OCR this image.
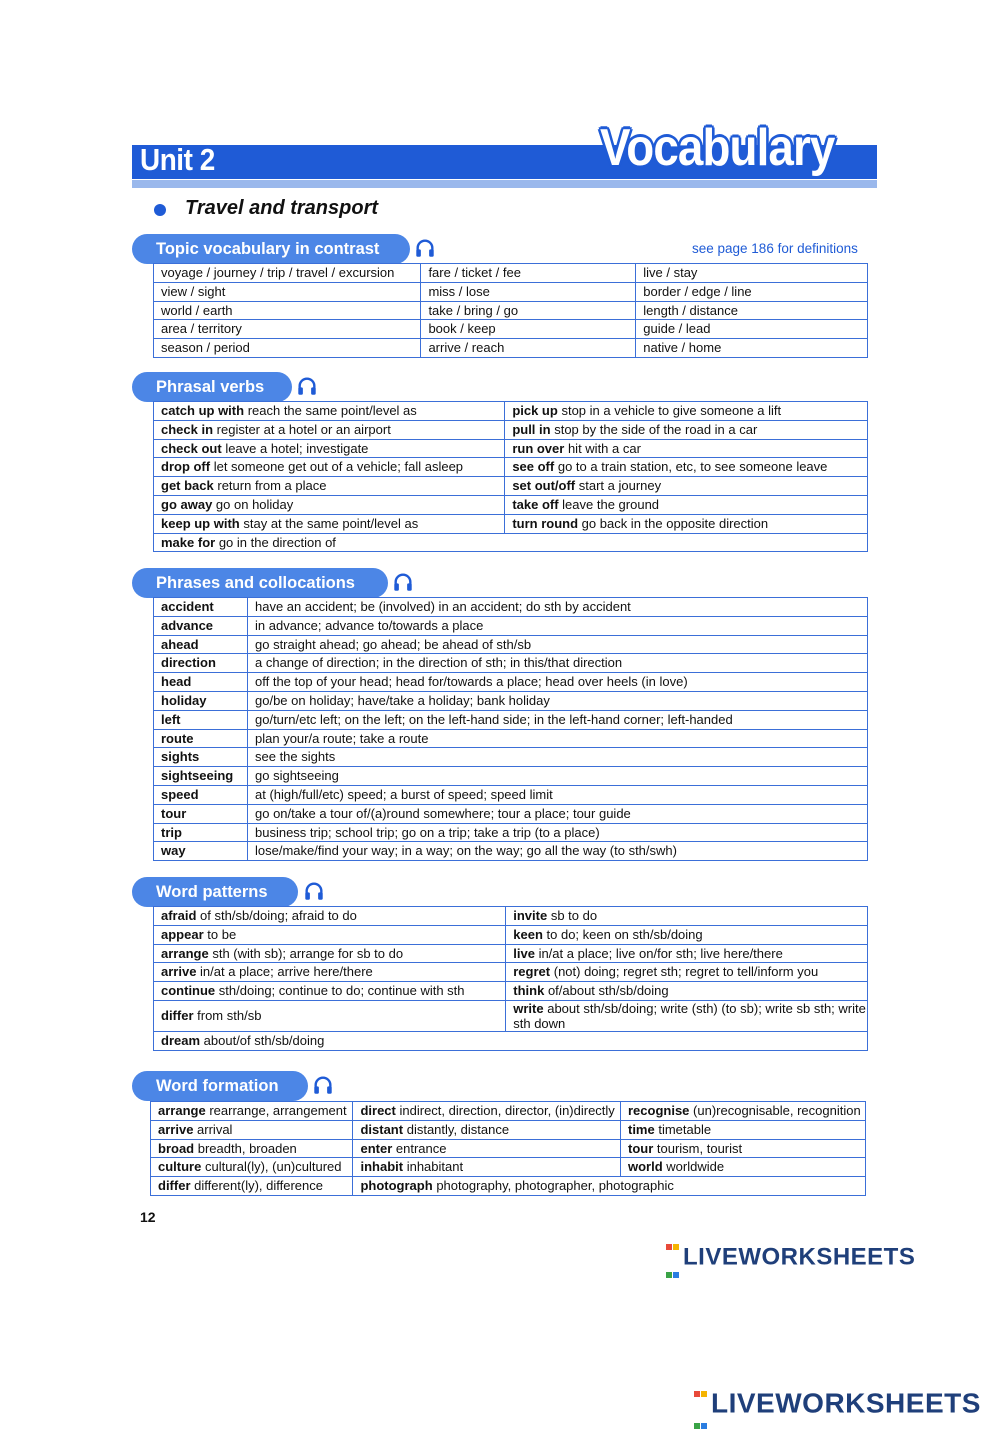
Unit 2	Vocabulary
Travel and transport
Topic vocabulary in contrast	see page 186 for definitions
voyage / journey / trip / travel / excursion	fare / ticket / fee	live / stay
view / sight	miss / lose	border / edge / line
world / earth	take / bring / go	length / distance
area / territory	book / keep	guide / lead
season / period	arrive / reach	native / home
Phrasal verbs
catch up with reach the same point/level as	pick up stop in a vehicle to give someone a lift
check in register at a hotel or an airport	pull in stop by the side of the road in a car
check out leave a hotel; investigate	run over hit with a car
drop off let someone get out of a vehicle; fall asleep	see off go to a train station, etc, to see someone leave
get back return from a place	set out/off start a journey
go away go on holiday	take off leave the ground
keep up with stay at the same point/level as	turn round go back in the opposite direction
make for go in the direction of	
Phrases and collocations
accident	have an accident; be (involved) in an accident; do sth by accident
advance	in advance; advance to/towards a place
ahead	go straight ahead; go ahead; be ahead of sth/sb
direction	a change of direction; in the direction of sth; in this/that direction
head	off the top of your head; head for/towards a place; head over heels (in love)
holiday	go/be on holiday; have/take a holiday; bank holiday
left	go/turn/etc left; on the left; on the left-hand side; in the left-hand corner; left-handed
route	plan your/a route; take a route
sights	see the sights
sightseeing	go sightseeing
speed	at (high/full/etc) speed; a burst of speed; speed limit
tour	go on/take a tour of/(a)round somewhere; tour a place; tour guide
trip	business trip; school trip; go on a trip; take a trip (to a place)
way	lose/make/find your way; in a way; on the way; go all the way (to sth/swh)
Word patterns
afraid of sth/sb/doing; afraid to do	invite sb to do
appear to be	keen to do; keen on sth/sb/doing
arrange sth (with sb); arrange for sb to do	live in/at a place; live on/for sth; live here/there
arrive in/at a place; arrive here/there	regret (not) doing; regret sth; regret to tell/inform you
continue sth/doing; continue to do; continue with sth	think of/about sth/sb/doing
differ from sth/sb	write about sth/sb/doing; write (sth) (to sb); write sb sth; write sth down
dream about/of sth/sb/doing	
Word formation
arrange rearrange, arrangement	direct indirect, direction, director, (in)directly	recognise (un)recognisable, recognition
arrive arrival	distant distantly, distance	time timetable
broad breadth, broaden	enter entrance	tour tourism, tourist
culture cultural(ly), (un)cultured	inhabit inhabitant	world worldwide
differ different(ly), difference	photograph photography, photographer, photographic	
12

LIVEWORKSHEETS

LIVEWORKSHEETS
